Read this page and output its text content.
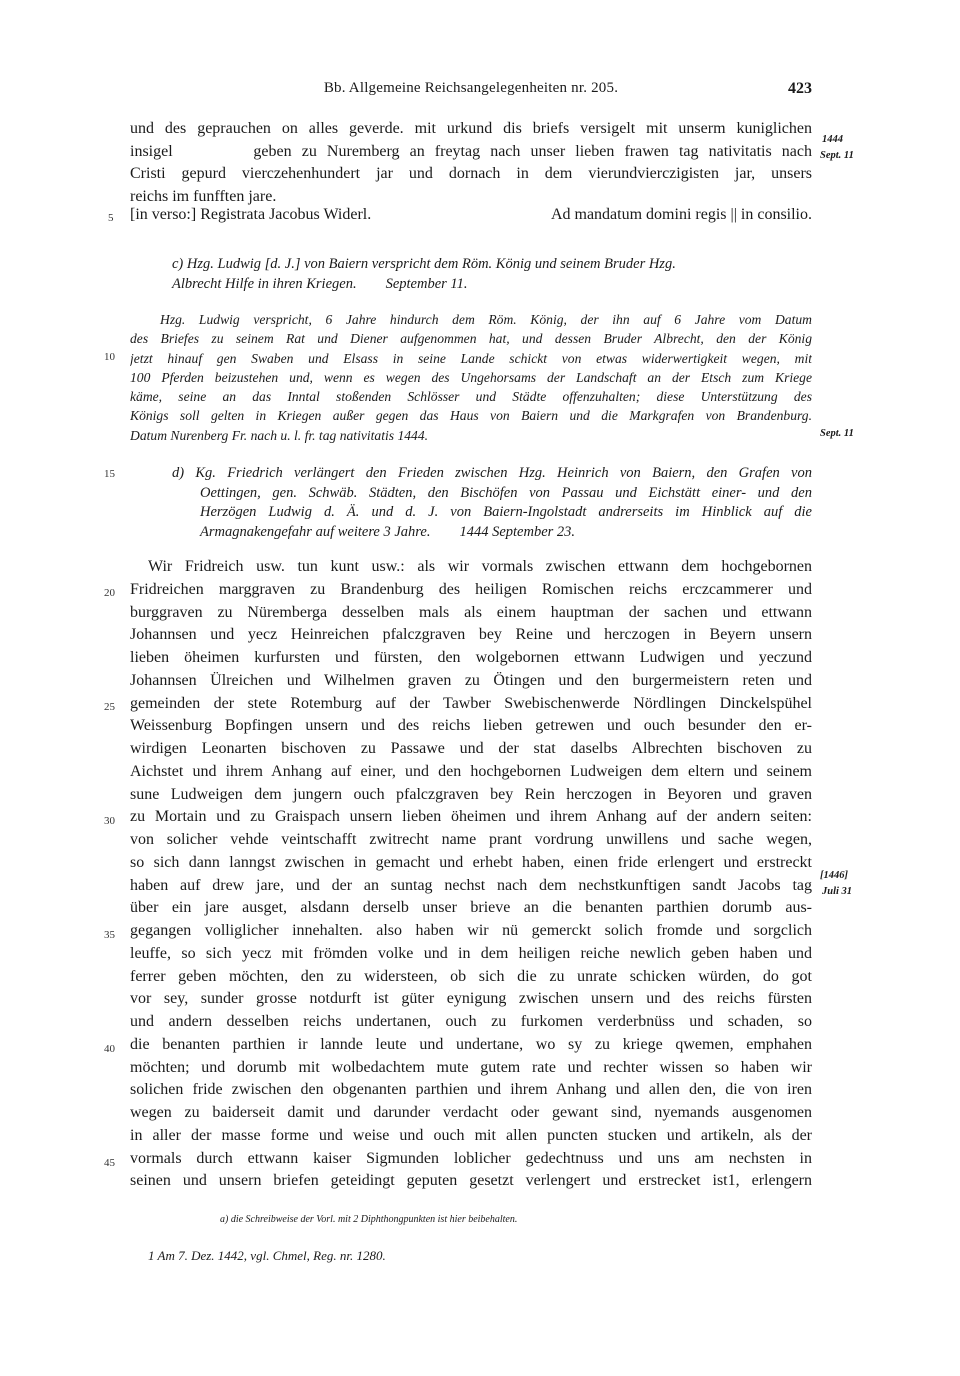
Bb. Allgemeine Reichsangelegenheiten nr. 205.	423
und des geprauchen on alles geverde. mit urkund dis briefs versigelt mit unserm kuniglichen
insigel        geben zu Nuremberg an freytag nach unser lieben frawen tag nativitatis nach
Cristi gepurd vierczehenhundert jar und dornach in dem vierundvierczigisten jar, unsers
reichs im funfften jare.
[in verso:] Registrata Jacobus Widerl.	Ad mandatum domini regis || in consilio.
c) Hzg. Ludwig [d. J.] von Baiern verspricht dem Röm. König und seinem Bruder Hzg.
Albrecht Hilfe in ihren Kriegen.        September 11.
Hzg. Ludwig verspricht, 6 Jahre hindurch dem Röm. König, der ihn auf 6 Jahre vom Datum
des Briefes zu seinem Rat und Diener aufgenommen hat, und dessen Bruder Albrecht, den der König
jetzt hinauf gen Swaben und Elsass in seine Lande schickt von etwas widerwertigkeit wegen, mit
100 Pferden beizustehen und, wenn es wegen des Ungehorsams der Landschaft an der Etsch zum Kriege
käme, seine an das Inntal stoßenden Schlösser und Städte offenzuhalten; diese Unterstützung des
Königs soll gelten in Kriegen außer gegen das Haus von Baiern und die Markgrafen von Brandenburg.
Datum Nurenberg Fr. nach u. l. fr. tag nativitatis 1444.
d) Kg. Friedrich verlängert den Frieden zwischen Hzg. Heinrich von Baiern, den Grafen von
Oettingen, gen. Schwäb. Städten, den Bischöfen von Passau und Eichstätt einer- und den
Herzögen Ludwig d. Ä. und d. J. von Baiern-Ingolstadt andrerseits im Hinblick auf die
Armagnakengefahr auf weitere 3 Jahre.        1444 September 23.
Wir Fridreich usw. tun kunt usw.: als wir vormals zwischen ettwann dem hochgebornen
Fridreichen marggraven zu Brandenburg des heiligen Romischen reichs erczcammerer und
burggraven zu Nüremberga desselben mals als einem hauptman der sachen und ettwann
Johannsen und yecz Heinreichen pfalczgraven bey Reine und herczogen in Beyern unsern
lieben öheimen kurfursten und fürsten, den wolgebornen ettwann Ludwigen und yeczund
Johannsen Ülreichen und Wilhelmen graven zu Ötingen und den burgermeistern reten und
gemeinden der stete Rotemburg auf der Tawber Swebischenwerde Nördlingen Dinckelspühel
Weissenburg Bopfingen unsern und des reichs lieben getrewen und ouch besunder den er-
wirdigen Leonarten bischoven zu Passawe und der stat daselbs Albrechten bischoven zu
Aichstet und ihrem Anhang auf einer, und den hochgebornen Ludweigen dem eltern und seinem
sune Ludweigen dem jungern ouch pfalczgraven bey Rein herczogen in Beyoren und graven
zu Mortain und zu Graispach unsern lieben öheimen und ihrem Anhang auf der andern seiten:
von solicher vehde veintschafft zwitrecht name prant vordrung unwillens und sache wegen,
so sich dann lanngst zwischen in gemacht und erhebt haben, einen fride erlengert und erstreckt
haben auf drew jare, und der an suntag nechst nach dem nechstkunftigen sandt Jacobs tag
über ein jare ausget, alsdann derselb unser brieve an die benanten parthien dorumb aus-
gegangen volliglicher innehalten. also haben wir nü gemerckt solich fromde und sorgclich
leuffe, so sich yecz mit frömden volke und in dem heiligen reiche newlich geben haben und
ferrer geben möchten, den zu widersteen, ob sich die zu unrate schicken würden, do got
vor sey, sunder grosse notdurft ist güter eynigung zwischen unsern und des reichs fürsten
und andern desselben reichs undertanen, ouch zu furkomen verderbnüss und schaden, so
die benanten parthien ir lannde leute und undertane, wo sy zu kriege qwemen, emphahen
möchten; und dorumb mit wolbedachtem mute gutem rate und rechter wissen so haben wir
solichen fride zwischen den obgenanten parthien und ihrem Anhang und allen den, die von iren
wegen zu baiderseit damit und darunder verdacht oder gewant sind, nyemands ausgenomen
in aller der masse forme und weise und ouch mit allen puncten stucken und artikeln, als der
vormals durch ettwann kaiser Sigmunden loblicher gedechtnuss und uns am nechsten in
seinen und unsern briefen geteidingt geputen gesetzt verlengert und erstrecket ist1, erlengern
5
10
15
20
25
30
35
40
45
1444
Sept. 11
Sept. 11
[1446]
Juli 31
a) die Schreibweise der Vorl. mit 2 Diphthongpunkten ist hier beibehalten.
1 Am 7. Dez. 1442, vgl. Chmel, Reg. nr. 1280.
